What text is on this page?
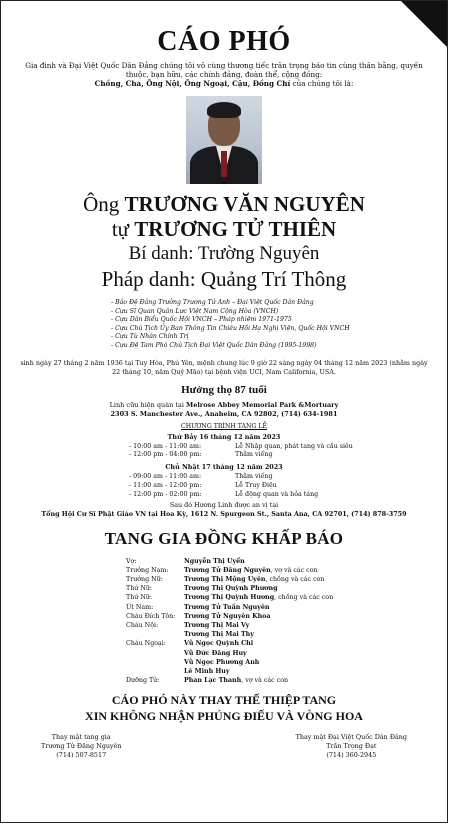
CÁO PHÓ
Gia đình và Đại Việt Quốc Dân Đảng chúng tôi vô cùng thương tiếc trân trọng báo tin cùng thân bằng, quyến thuộc, bạn hữu, các chính đảng, đoàn thể, cộng đồng:
Chồng, Cha, Ông Nội, Ông Ngoại, Cậu, Đồng Chí của chúng tôi là:
Ông TRƯƠNG VĂN NGUYÊN
tự TRƯƠNG TỬ THIÊN
Bí danh: Trường Nguyên
Pháp danh: Quảng Trí Thông
- Bảo Đệ Đảng Trưởng Trương Tử Anh – Đại Việt Quốc Dân Đảng
- Cựu Sĩ Quan Quân Lực Việt Nam Cộng Hòa (VNCH)
- Cựu Dân Biểu Quốc Hội VNCH – Pháp nhiệm 1971-1975
- Cựu Chủ Tịch Ủy Ban Thông Tin Chiêu Hồi Hạ Nghị Viện, Quốc Hội VNCH
- Cựu Tù Nhân Chính Trị
- Cựu Đệ Tam Phó Chủ Tịch Đại Việt Quốc Dân Đảng (1995-1998)
sinh ngày 27 tháng 2 năm 1936 tại Tuy Hòa, Phú Yên, mệnh chung lúc 9 giờ 22 sáng ngày 04 tháng 12 năm 2023 (nhằm ngày 22 tháng 10, năm Quý Mão) tại bệnh viện UCI, Nam California, USA.
Hưởng thọ 87 tuổi
Linh cữu hiện quàn tại Melrose Abbey Memorial Park &Mortuary
2303 S. Manchester Ave., Anaheim, CA 92802, (714) 634-1981
CHƯƠNG TRÌNH TANG LỄ
Thứ Bảy 16 tháng 12 năm 2023
- 10:00 am - 11:00 am:	Lễ Nhập quan, phát tang và cầu siêu
- 12:00 pm - 04:00 pm:	Thăm viếng
Chủ Nhật 17 tháng 12 năm 2023
- 09:00 am - 11:00 am:	Thăm viếng
- 11:00 am - 12:00 pm:	Lễ Truy Điệu
- 12:00 pm - 02:00 pm:	Lễ động quan và hỏa táng
Sau đó Hương Linh được an vị tại
Tổng Hội Cư Sĩ Phật Giáo VN tại Hoa Kỳ, 1612 N. Spurgeon St., Santa Ana, CA 92701, (714) 878-3759
TANG GIA ĐỒNG KHẤP BÁO
Vợ:	Nguyễn Thị Uyển
Trưởng Nam:	Trương Tử Đăng Nguyên, vợ và các con
Trưởng Nữ:	Trương Thị Mộng Uyên, chồng và các con
Thứ Nữ:	Trương Thị Quỳnh Phương
Thứ Nữ:	Trương Thị Quỳnh Hương, chồng và các con
Út Nam:	Trương Tử Tuấn Nguyên
Cháu Đích Tôn:	Trương Tử Nguyên Khoa
Cháu Nội:	Trương Thị Mai Vy
Trương Thị Mai Thy
Cháu Ngoại:	Vũ Ngọc Quỳnh Chi
Vũ Đức Đăng Huy
Vũ Ngọc Phương Anh
Lê Minh Huy
Dưỡng Tử:	Phan Lạc Thanh, vợ và các con
CÁO PHÓ NÀY THAY THẾ THIỆP TANG
XIN KHÔNG NHẬN PHÚNG ĐIẾU VÀ VÒNG HOA
Thay mặt tang gia
Trương Tử Đăng Nguyên
(714) 507-8517
Thay mặt Đại Việt Quốc Dân Đảng
Trần Trọng Đạt
(714) 360-2945
